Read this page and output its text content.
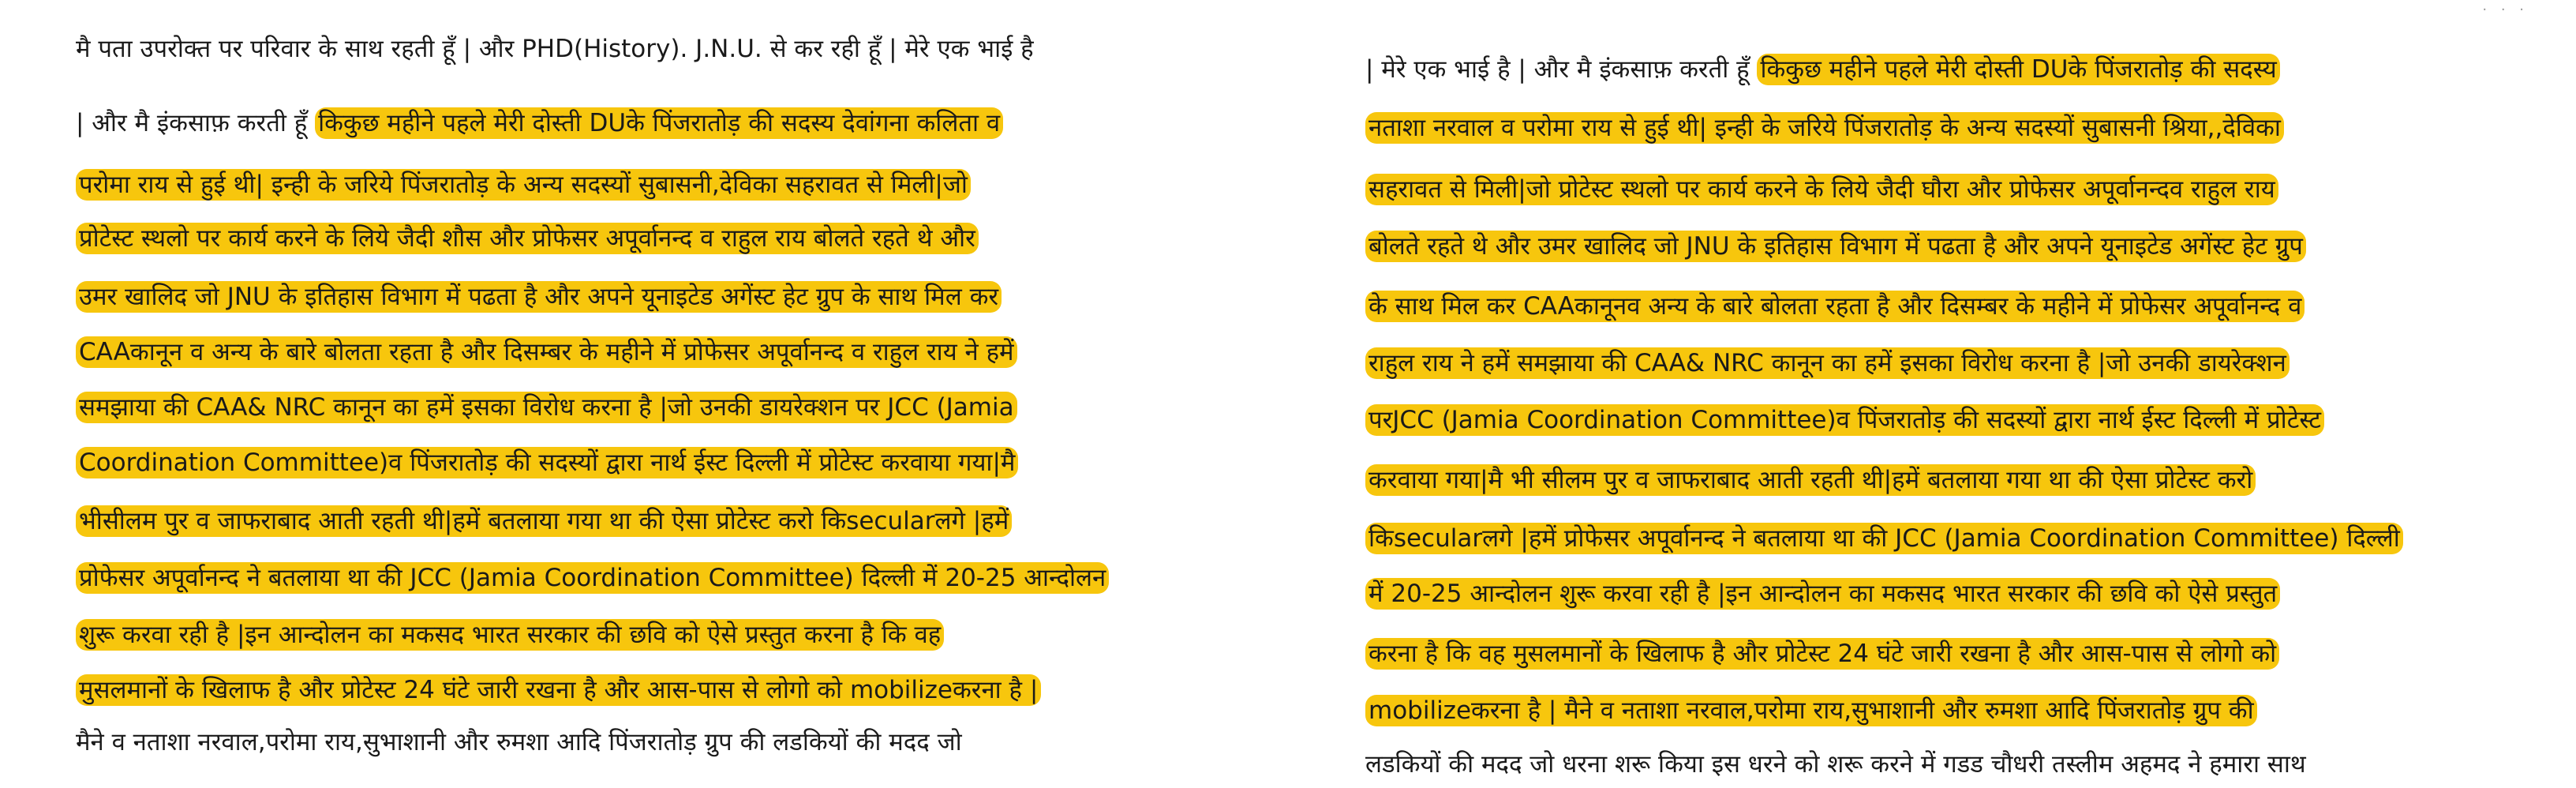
मै पता उपरोक्त पर परिवार के साथ रहती हूँ | और PHD(History). J.N.U. से कर रही हूँ | मेरे एक भाई है
| और मै इंकसाफ़ करती हूँ किकुछ महीने पहले मेरी दोस्ती DUके पिंजरातोड़ की सदस्य देवांगना कलिता व
परोमा राय से हुई थी| इन्ही के जरिये पिंजरातोड़ के अन्य सदस्यों सुबासनी,देविका सहरावत से मिली|जो
प्रोटेस्ट स्थलो पर कार्य करने के लिये जैदी शौस और प्रोफेसर अपूर्वानन्द व राहुल राय बोलते रहते थे और
उमर खालिद जो JNU के इतिहास विभाग में पढता है और अपने यूनाइटेड अगेंस्ट हेट ग्रुप के साथ मिल कर
CAAकानून व अन्य के बारे बोलता रहता है और दिसम्बर के महीने में प्रोफेसर अपूर्वानन्द व राहुल राय ने हमें
समझाया की CAA& NRC कानून का हमें इसका विरोध करना है |जो उनकी डायरेक्शन पर JCC (Jamia
Coordination Committee)व पिंजरातोड़ की सदस्यों द्वारा नार्थ ईस्ट दिल्ली में प्रोटेस्ट करवाया गया|मै
भीसीलम पुर व जाफराबाद आती रहती थी|हमें बतलाया गया था की ऐसा प्रोटेस्ट करो किsecularलगे |हमें
प्रोफेसर अपूर्वानन्द ने बतलाया था की JCC (Jamia Coordination Committee) दिल्ली में 20-25 आन्दोलन
शुरू करवा रही है |इन आन्दोलन का मकसद भारत सरकार की छवि को ऐसे प्रस्तुत करना है कि वह
मुसलमानों के खिलाफ है और प्रोटेस्ट 24 घंटे जारी रखना है और आस-पास से लोगो को mobilizeकरना है |
मैने व नताशा नरवाल,परोमा राय,सुभाशानी और रुमशा आदि पिंजरातोड़ ग्रुप की लडकियों की मदद जो
· · ·
| मेरे एक भाई है | और मै इंकसाफ़ करती हूँ किकुछ महीने पहले मेरी दोस्ती DUके पिंजरातोड़ की सदस्य
नताशा नरवाल व परोमा राय से हुई थी| इन्ही के जरिये पिंजरातोड़ के अन्य सदस्यों सुबासनी श्रिया,,देविका
सहरावत से मिली|जो प्रोटेस्ट स्थलो पर कार्य करने के लिये जैदी घौरा और प्रोफेसर अपूर्वानन्दव राहुल राय
बोलते रहते थे और उमर खालिद जो JNU के इतिहास विभाग में पढता है और अपने यूनाइटेड अगेंस्ट हेट ग्रुप
के साथ मिल कर CAAकानूनव अन्य के बारे बोलता रहता है और दिसम्बर के महीने में प्रोफेसर अपूर्वानन्द व
राहुल राय ने हमें समझाया की CAA& NRC कानून का हमें इसका विरोध करना है |जो उनकी डायरेक्शन
परJCC (Jamia Coordination Committee)व पिंजरातोड़ की सदस्यों द्वारा नार्थ ईस्ट दिल्ली में प्रोटेस्ट
करवाया गया|मै भी सीलम पुर व जाफराबाद आती रहती थी|हमें बतलाया गया था की ऐसा प्रोटेस्ट करो
किsecularलगे |हमें प्रोफेसर अपूर्वानन्द ने बतलाया था की JCC (Jamia Coordination Committee) दिल्ली
में 20-25 आन्दोलन शुरू करवा रही है |इन आन्दोलन का मकसद भारत सरकार की छवि को ऐसे प्रस्तुत
करना है कि वह मुसलमानों के खिलाफ है और प्रोटेस्ट 24 घंटे जारी रखना है और आस-पास से लोगो को
mobilizeकरना है | मैने व नताशा नरवाल,परोमा राय,सुभाशानी और रुमशा आदि पिंजरातोड़ ग्रुप की
लडकियों की मदद जो धरना शरू किया इस धरने को शरू करने में गडड चौधरी तस्लीम अहमद ने हमारा साथ
